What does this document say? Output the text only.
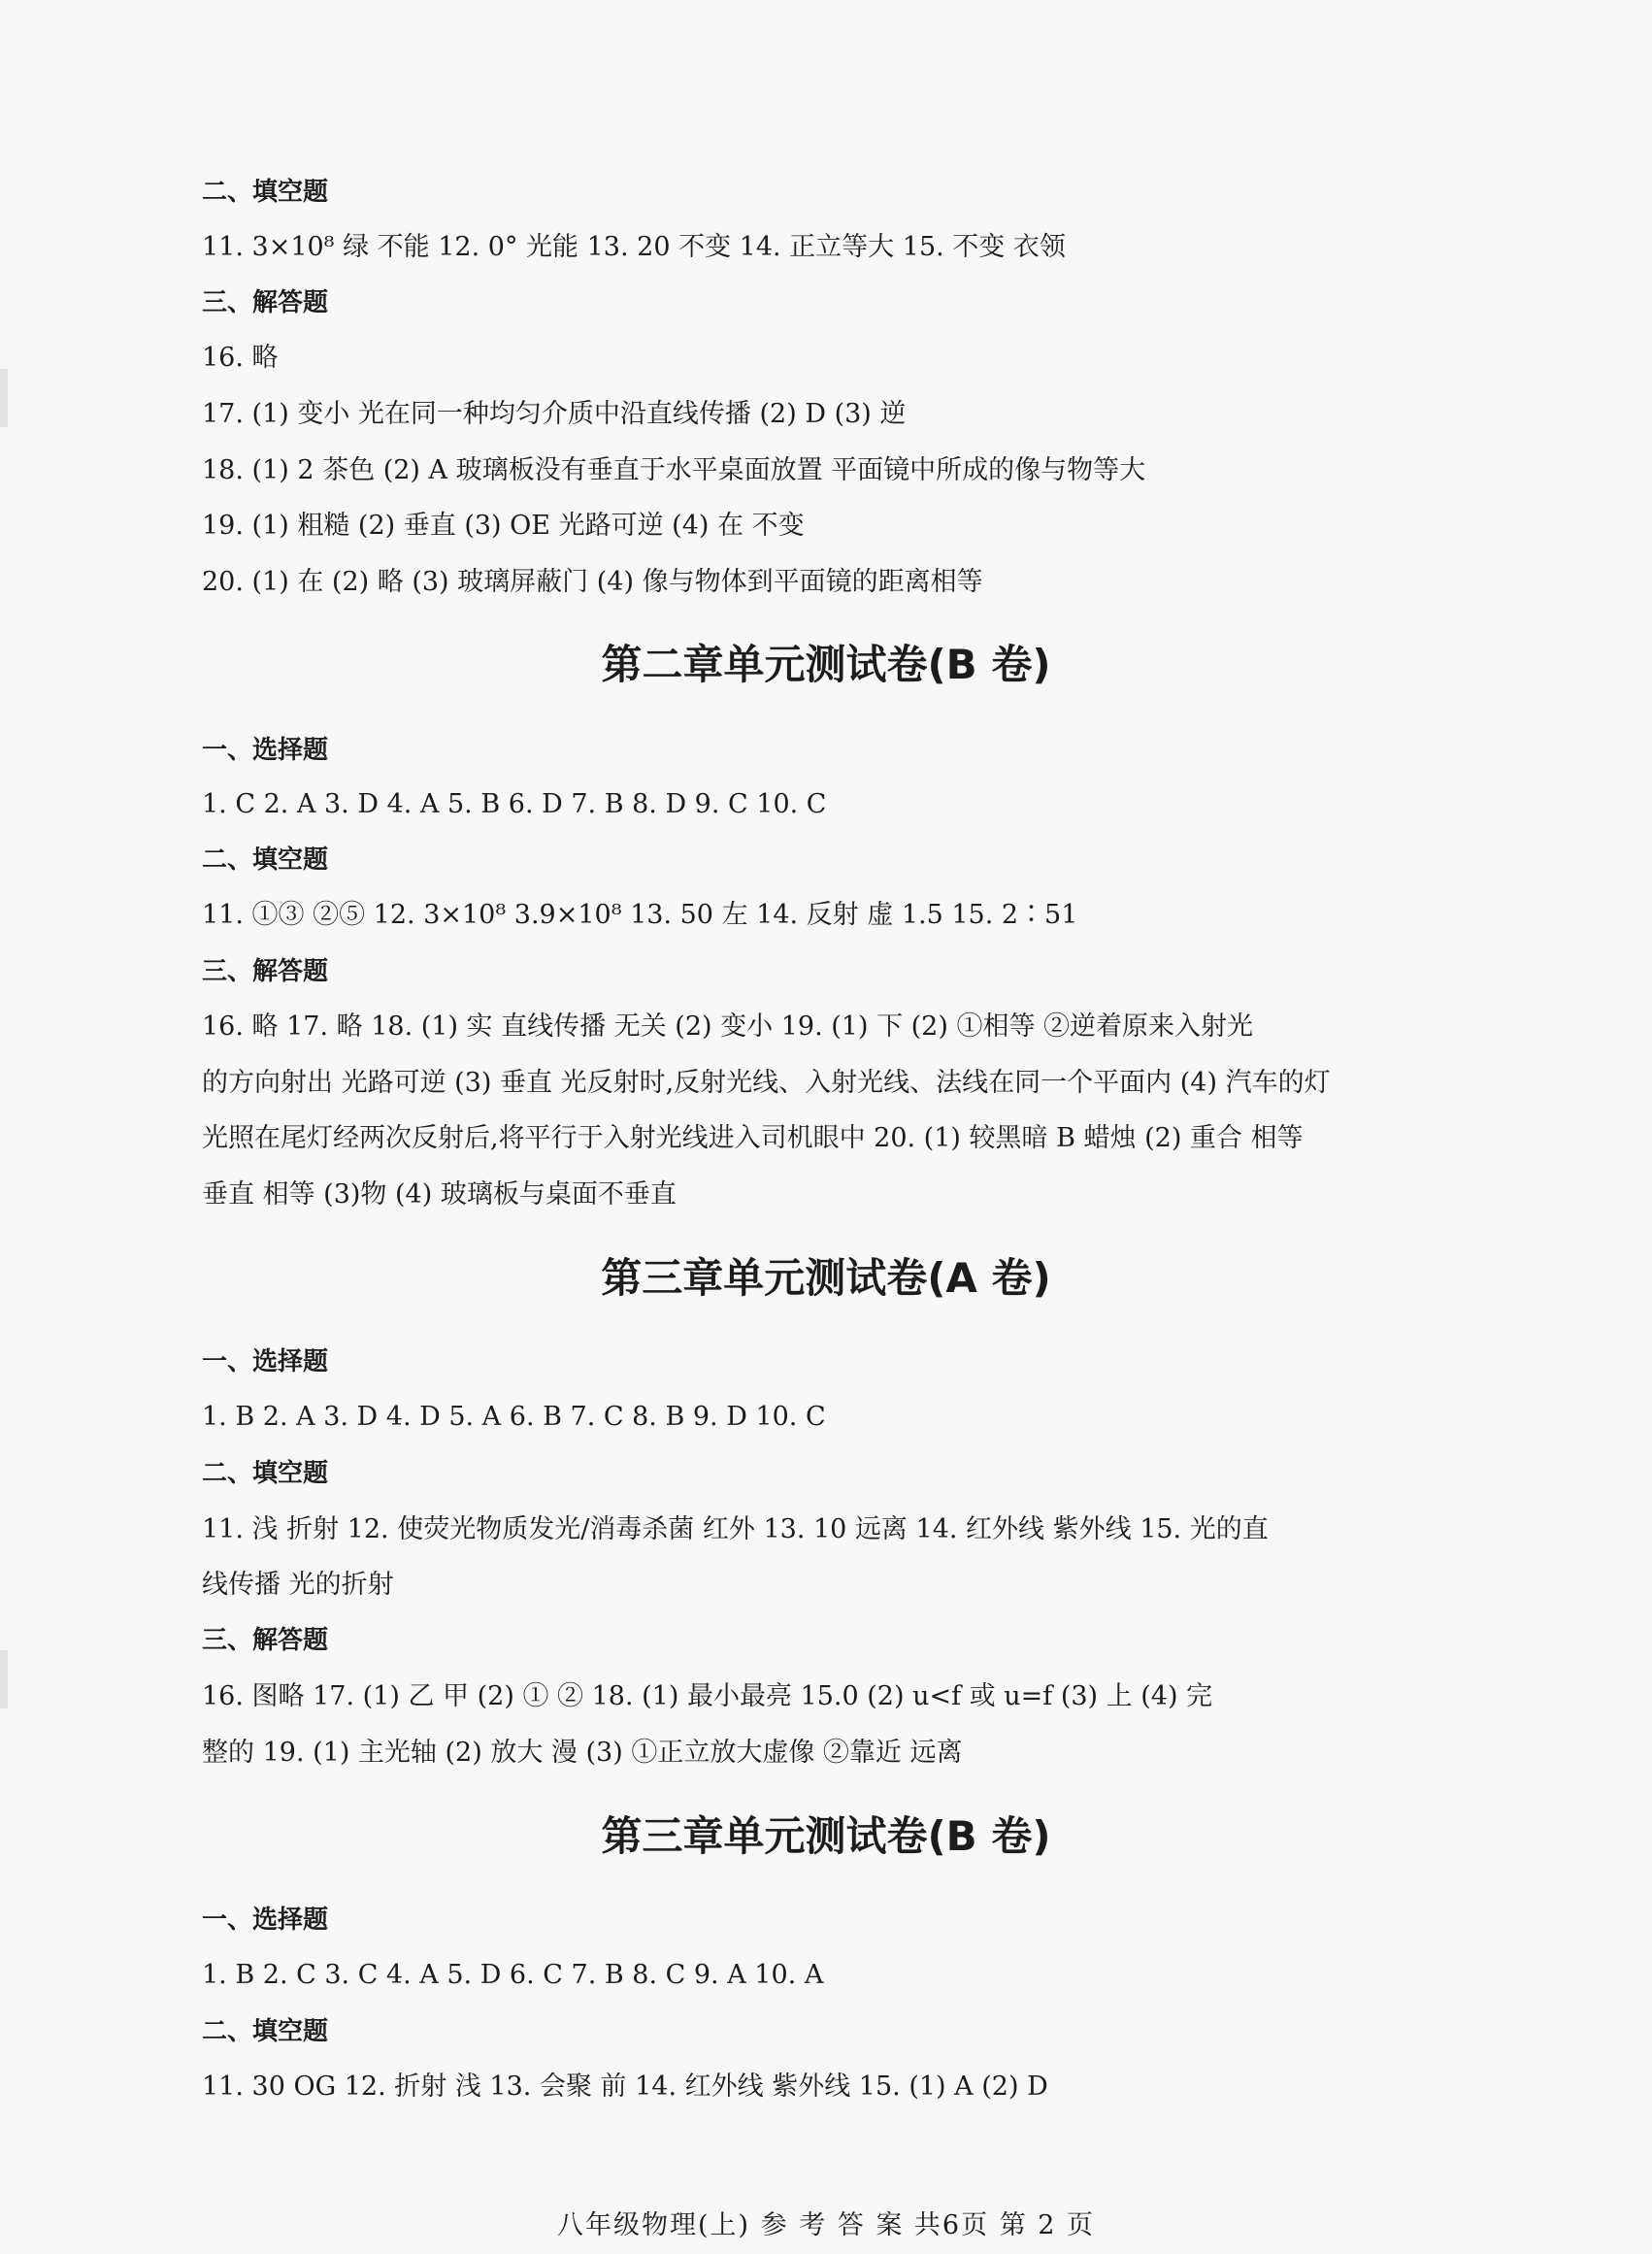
二、填空题
11. 3×10⁸ 绿 不能 12. 0° 光能 13. 20 不变 14. 正立等大 15. 不变 衣领
三、解答题
16. 略
17. (1) 变小 光在同一种均匀介质中沿直线传播 (2) D (3) 逆
18. (1) 2 茶色 (2) A 玻璃板没有垂直于水平桌面放置 平面镜中所成的像与物等大
19. (1) 粗糙 (2) 垂直 (3) OE 光路可逆 (4) 在 不变
20. (1) 在 (2) 略 (3) 玻璃屏蔽门 (4) 像与物体到平面镜的距离相等
第二章单元测试卷(B 卷)
一、选择题
1. C 2. A 3. D 4. A 5. B 6. D 7. B 8. D 9. C 10. C
二、填空题
11. ①③ ②⑤ 12. 3×10⁸ 3.9×10⁸ 13. 50 左 14. 反射 虚 1.5 15. 2∶51
三、解答题
16. 略 17. 略 18. (1) 实 直线传播 无关 (2) 变小 19. (1) 下 (2) ①相等 ②逆着原来入射光
的方向射出 光路可逆 (3) 垂直 光反射时,反射光线、入射光线、法线在同一个平面内 (4) 汽车的灯
光照在尾灯经两次反射后,将平行于入射光线进入司机眼中 20. (1) 较黑暗 B 蜡烛 (2) 重合 相等
垂直 相等 (3)物 (4) 玻璃板与桌面不垂直
第三章单元测试卷(A 卷)
一、选择题
1. B 2. A 3. D 4. D 5. A 6. B 7. C 8. B 9. D 10. C
二、填空题
11. 浅 折射 12. 使荧光物质发光/消毒杀菌 红外 13. 10 远离 14. 红外线 紫外线 15. 光的直
线传播 光的折射
三、解答题
16. 图略 17. (1) 乙 甲 (2) ① ② 18. (1) 最小最亮 15.0 (2) u<f 或 u=f (3) 上 (4) 完
整的 19. (1) 主光轴 (2) 放大 漫 (3) ①正立放大虚像 ②靠近 远离
第三章单元测试卷(B 卷)
一、选择题
1. B 2. C 3. C 4. A 5. D 6. C 7. B 8. C 9. A 10. A
二、填空题
11. 30 OG 12. 折射 浅 13. 会聚 前 14. 红外线 紫外线 15. (1) A (2) D
八年级物理(上) 参 考 答 案 共6页 第 2 页
